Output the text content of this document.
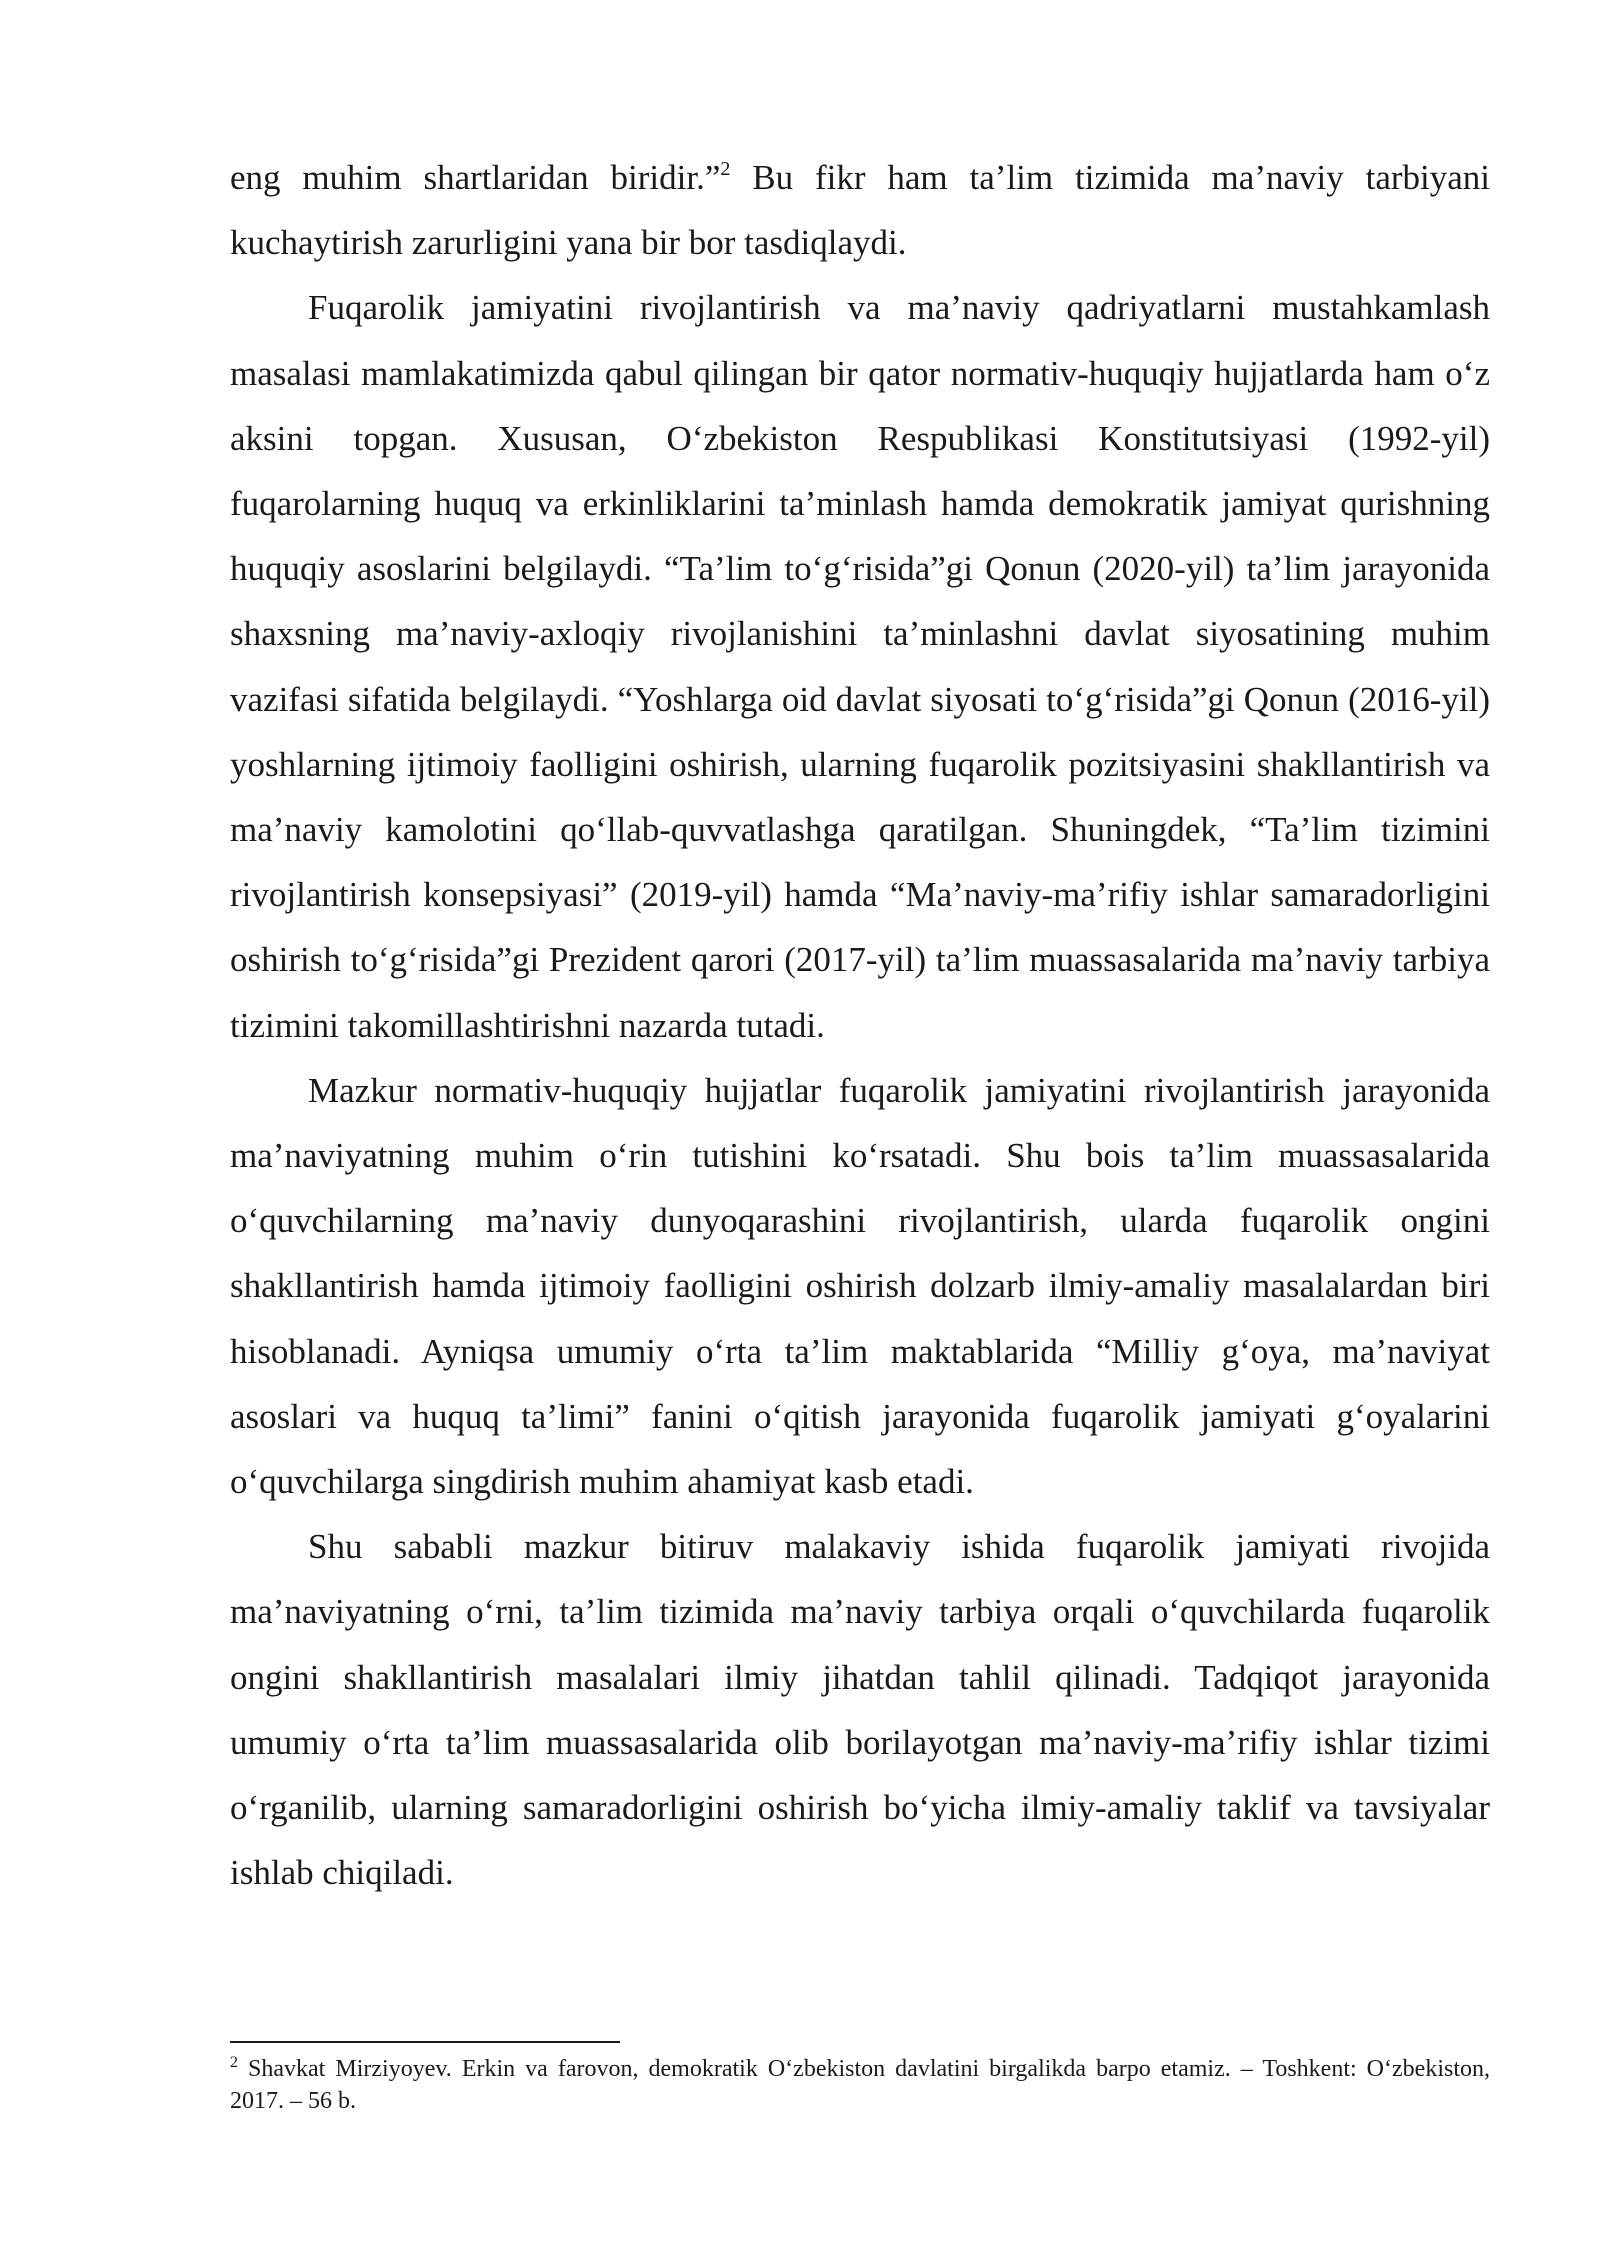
eng muhim shartlaridan biridir.”$^2$ Bu fikr ham ta’lim tizimida ma’naviy tarbiyani kuchaytirish zarurligini yana bir bor tasdiqlaydi.

Fuqarolik jamiyatini rivojlantirish va ma’naviy qadriyatlarni mustahkamlash masalasi mamlakatimizda qabul qilingan bir qator normativ-huquqiy hujjatlarda ham o‘z aksini topgan. Xususan, O‘zbekiston Respublikasi Konstitutsiyasi (1992-yil) fuqarolarning huquq va erkinliklarini ta’minlash hamda demokratik jamiyat qurishning huquqiy asoslarini belgilaydi. “Ta’lim to‘g‘risida”gi Qonun (2020-yil) ta’lim jarayonida shaxsning ma’naviy-axloqiy rivojlanishini ta’minlashni davlat siyosatining muhim vazifasi sifatida belgilaydi. “Yoshlarga oid davlat siyosati to‘g‘risida”gi Qonun (2016-yil) yoshlarning ijtimoiy faolligini oshirish, ularning fuqarolik pozitsiyasini shakllantirish va ma’naviy kamolotini qo‘llab-quvvatlashga qaratilgan. Shuningdek, “Ta’lim tizimini rivojlantirish konsepsiyasi” (2019-yil) hamda “Ma’naviy-ma’rifiy ishlar samaradorligini oshirish to‘g‘risida”gi Prezident qarori (2017-yil) ta’lim muassasalarida ma’naviy tarbiya tizimini takomillashtirishni nazarda tutadi.

Mazkur normativ-huquqiy hujjatlar fuqarolik jamiyatini rivojlantirish jarayonida ma’naviyatning muhim o‘rin tutishini ko‘rsatadi. Shu bois ta’lim muassasalarida o‘quvchilarning ma’naviy dunyoqarashini rivojlantirish, ularda fuqarolik ongini shakllantirish hamda ijtimoiy faolligini oshirish dolzarb ilmiy-amaliy masalalardan biri hisoblanadi. Ayniqsa umumiy o‘rta ta’lim maktablarida “Milliy g‘oya, ma’naviyat asoslari va huquq ta’limi” fanini o‘qitish jarayonida fuqarolik jamiyati g‘oyalarini o‘quvchilarga singdirish muhim ahamiyat kasb etadi.

Shu sababli mazkur bitiruv malakaviy ishida fuqarolik jamiyati rivojida ma’naviyatning o‘rni, ta’lim tizimida ma’naviy tarbiya orqali o‘quvchilarda fuqarolik ongini shakllantirish masalalari ilmiy jihatdan tahlil qilinadi. Tadqiqot jarayonida umumiy o‘rta ta’lim muassasalarida olib borilayotgan ma’naviy-ma’rifiy ishlar tizimi o‘rganilib, ularning samaradorligini oshirish bo‘yicha ilmiy-amaliy taklif va tavsiyalar ishlab chiqiladi.

$^2$ Shavkat Mirziyoyev. Erkin va farovon, demokratik O‘zbekiston davlatini birgalikda barpo etamiz. – Toshkent: O‘zbekiston, 2017. – 56 b.
